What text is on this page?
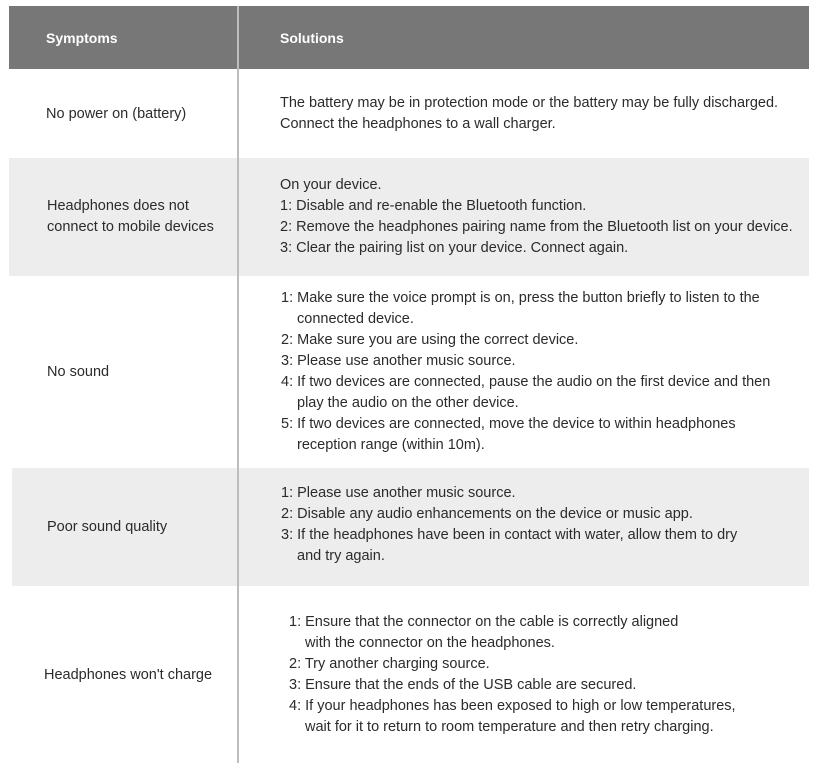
Symptoms	Solutions
No power on (battery)
The battery may be in protection mode or the battery may be fully discharged.
Connect the headphones to a wall charger.
Headphones does not
connect to mobile devices
On your device.
1: Disable and re-enable the Bluetooth function.
2: Remove the headphones pairing name from the Bluetooth list on your device.
3: Clear the pairing list on your device. Connect again.
No sound
1: Make sure the voice prompt is on, press the button briefly to listen to the
connected device.
2: Make sure you are using the correct device.
3: Please use another music source.
4: If two devices are connected, pause the audio on the first device and then
play the audio on the other device.
5: If two devices are connected, move the device to within headphones
reception range (within 10m).
Poor sound quality
1: Please use another music source.
2: Disable any audio enhancements on the device or music app.
3: If the headphones have been in contact with water, allow them to dry
and try again.
Headphones won't charge
1: Ensure that the connector on the cable is correctly aligned
with the connector on the headphones.
2: Try another charging source.
3: Ensure that the ends of the USB cable are secured.
4: If your headphones has been exposed to high or low temperatures,
wait for it to return to room temperature and then retry charging.
